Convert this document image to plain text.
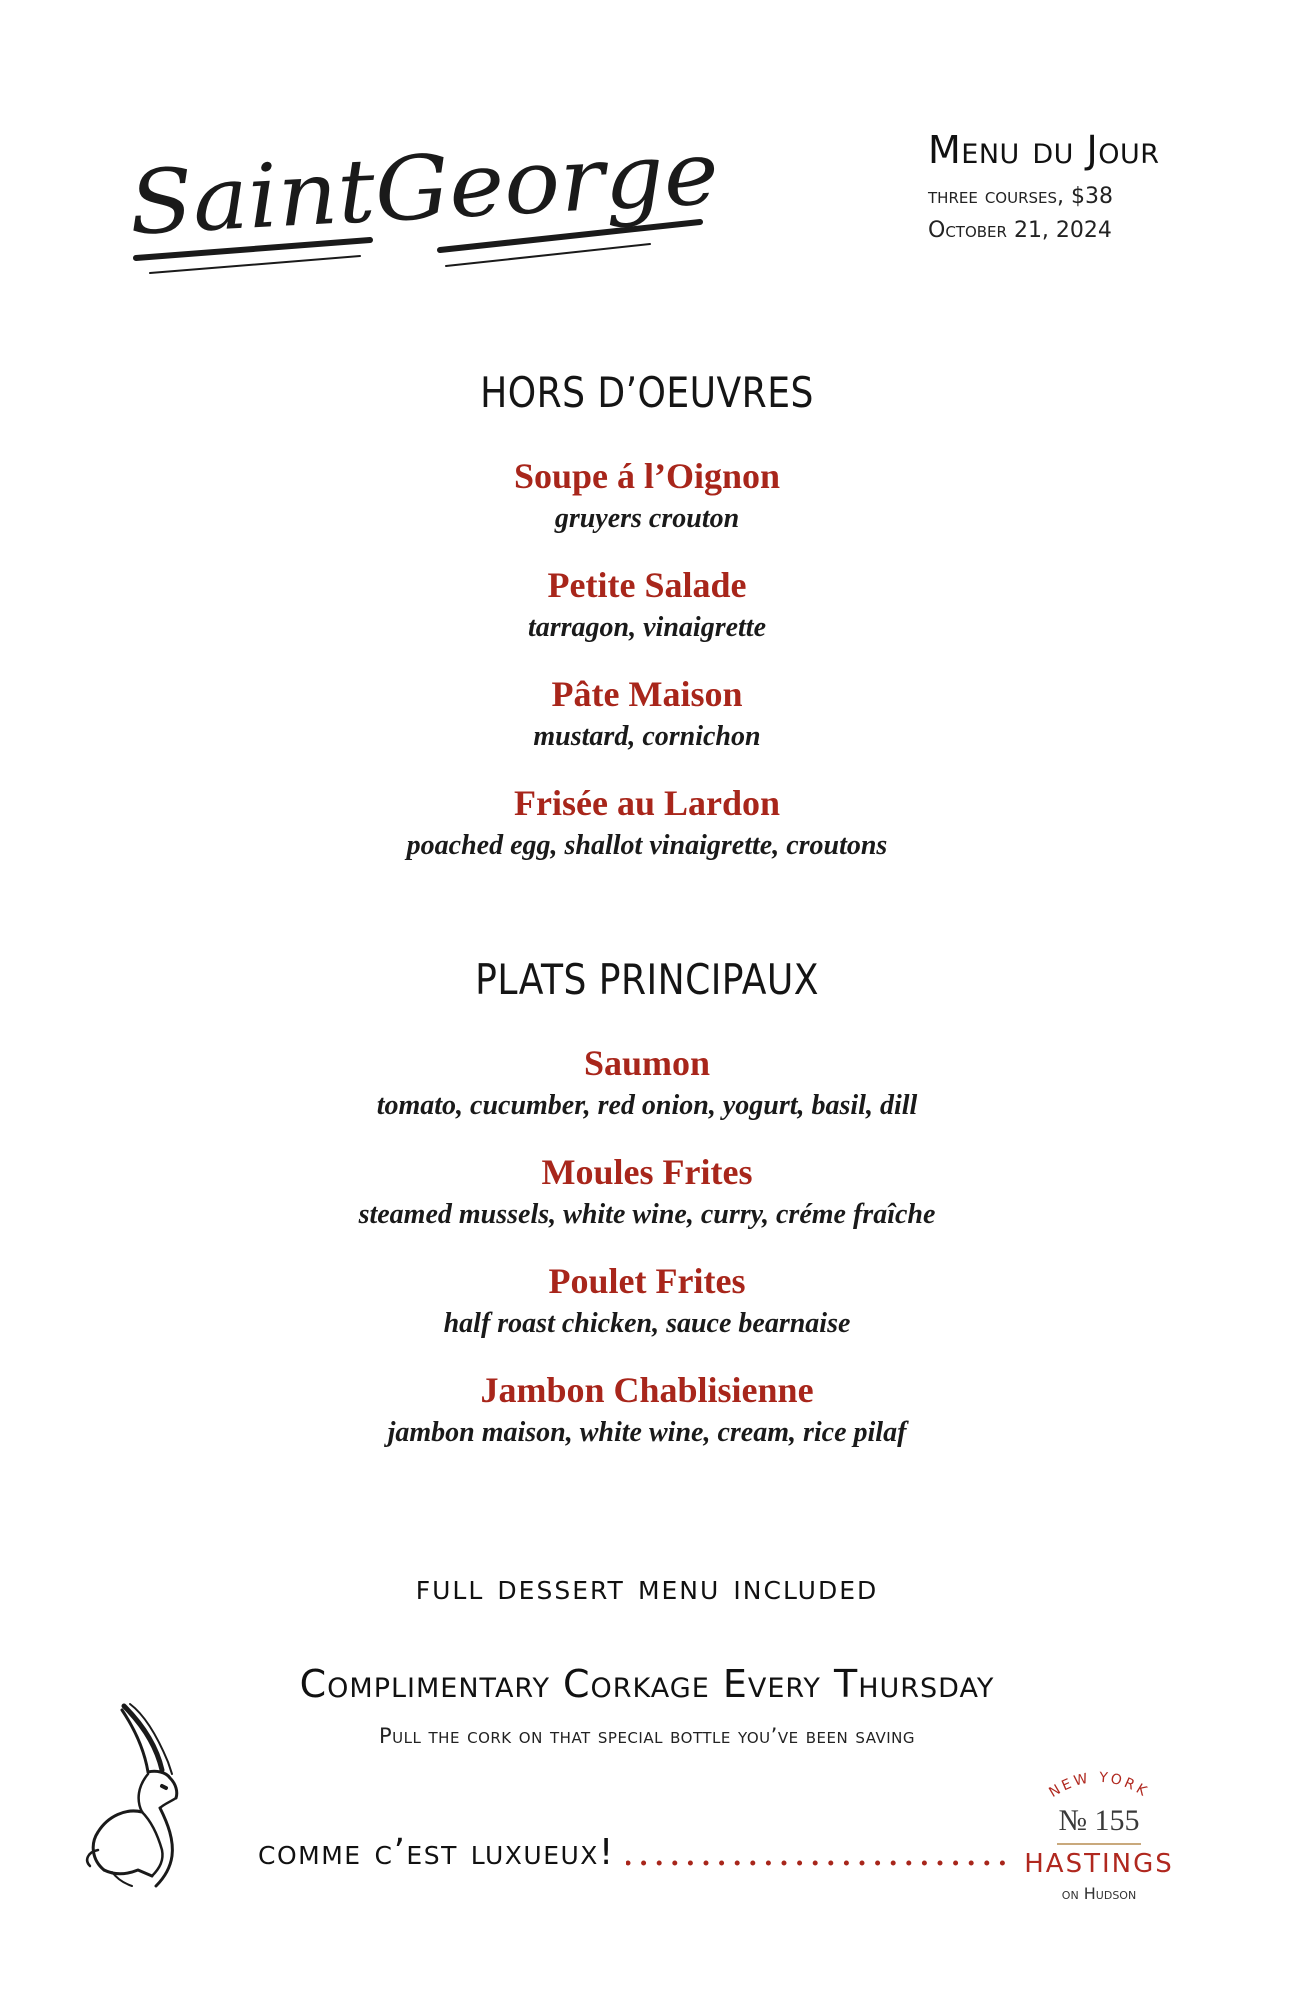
SaintGeorge	Menu du Jour
three courses, $38
October 21, 2024
HORS D’OEUVRES
Soupe á l’Oignon
gruyers crouton
Petite Salade
tarragon, vinaigrette
Pâte Maison
mustard, cornichon
Frisée au Lardon
poached egg, shallot vinaigrette, croutons
PLATS PRINCIPAUX
Saumon
tomato, cucumber, red onion, yogurt, basil, dill
Moules Frites
steamed mussels, white wine, curry, créme fraîche
Poulet Frites
half roast chicken, sauce bearnaise
Jambon Chablisienne
jambon maison, white wine, cream, rice pilaf
full dessert menu included
Complimentary Corkage Every Thursday
Pull the cork on that special bottle you’ve been saving
comme c’est luxueux!
NEW YORK
№ 155
HASTINGS
on Hudson
